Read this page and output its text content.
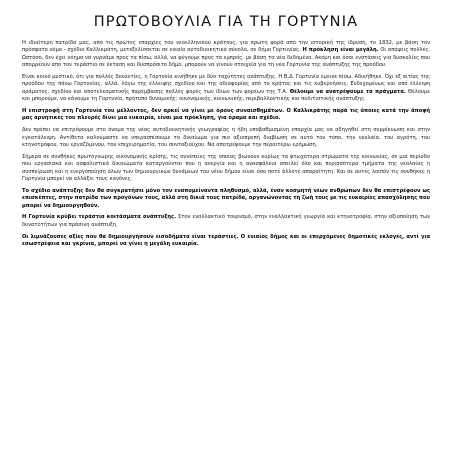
ΠΡΩΤΟΒΟΥΛΙΑ ΓΙΑ ΤΗ ΓΟΡΤΥΝΙΑ

Η ιδιαίτερη πατρίδα μας, από τις πρώτες επαρχίες του νεοελληνικού κράτους, για πρώτη φορά από την ιστορική της ίδρυση, το 1832, με βάση τον πρόσφατο νόμο - σχέδιο Καλλικράτη, μετεξελίσσεται σε ενιαίο αυτοδιοικητικό σύνολο, σε δήμο Γορτυνίας. Η πρόκληση είναι μεγάλη. Οι απόψεις πολλές. Ωστόσο, δεν έχει νόημα να γυρνάμε προς τα πίσω, αλλά, να φύγουμε προς τα εμπρός, με βάση τα νέα δεδομένα. Ακόμη και όσοι ενστάσεις για δυσκολίες που απορρέουν από τον τεράστιο σε έκταση και δυσπρόσιτο δήμο, μπορούν να γίνουν στοιχεία για τη νέα Γορτυνία της ανάπτυξης της προόδου.

Είναι κοινό μυστικό, ότι για πολλές δεκαετίες, η Γορτυνία κινήθηκε με δύο ταχύτητες ανάπτυξης. Η Β.Δ. Γορτυνία έμεινε πίσω. Αδικήθηκε. Όχι εξ αιτίας της προόδου της πάνω Γορτυνίας, αλλά, λόγω της έλλειψης σχεδίου και της αδιαφορίας από το κράτος και τις κυβερνήσεις. Ενδεχομένως και από έλλειψη οράματος, σχεδίου και αποτελεσματικής παρέμβασης πολλές φορές των ίδιων των φορέων της Τ.Α. Θέλουμε να ανατρέψουμε τα πράγματα. Θέλουμε και μπορούμε, να κάνουμε τη Γορτυνία, πρότυπο δυναμικής: οικονομικής, κοινωνικής, περιβαλλοντικής και πολιτιστικής ανάπτυξης.

Η επιστροφή στη Γορτυνία του μέλλοντος, δεν αρκεί να γίνει με όρους συναισθημάτων. Ο Καλλικράτης παρά τις όποιες κατά την άποψή μας αρνητικές του πλευρές δίνει μια ευκαιρία, είναι μια πρόκληση, για όραμα και σχέδιο.

Δεν πρέπει να επιτρέψουμε στο όνομα της νέας αυτοδιοικητικής γεωγραφίας η ήδη υποβαθμισμένη επαρχία μας να οδηγηθεί στη συρρίκνωση και στην εγκατάλειψη. Αντίθετα καλούμαστε να υπερασπίσουμε το δικαίωμα για πιο αξιοπρεπή διαβίωση σε αυτό τον τόπο, την νεολαία, του αγρότη, του κτηνοτρόφου, του εργαζόμενου, του επιχειρηματία, του συνταξιούχου. Να αποτρέψουμε την περαιτέρω ερήμωση.

Σήμερα σε συνθήκες πρωτόγνωρης οικονομικής κρίσης, τις συνέπειες της οποίας βιώνουν κυρίως τα φτωχότερα στρώματα της κοινωνίας, σε μια περίοδο που εργασιακά και ασφαλιστικά δικαιώματα καταργούνται που η ανεργία και η ανασφάλεια απειλεί όλο και περισσότερα τμήματα της νεολαίας η συσπείρωση και η ενεργοποίηση όλων των δημιουργικών δυνάμεων του νέου δήμου είναι όσο ποτέ άλλοτε απαραίτητη. Και σε αυτές λοιπόν τις συνθήκες η Γορτυνία μπορεί να αλλάξει τους κανόνες.

Το σχέδιο ανάπτυξης δεν θα συγκρατήσει μόνο τον εναπομείναντα πληθυσμό, αλλά, έναν κοσμητή νέων ανθρώπων δεν θα επιστρέφουν ως επισκέπτες, στην πατρίδα των προγόνων τους, αλλά στη δικιά τους πατρίδα, οργανώνοντας τη ζωή τους με τις ευκαιρίες απασχόλησης που μπορεί να δημιουργηθούν.

Η Γορτυνία κρύβει τεράστια κοιτάσματα ανάπτυξης. Στον εναλλακτικό τουρισμό, στην εναλλακτική γεωργία και κτηνοτροφία, στην αξιοποίηση των δυνατοτήτων για πράσινη ανάπτυξη.

Οι λιμνάζουσες αξίες που θα δημιουργήσουν εισοδήματα είναι τεράστιες. Ο ενιαίος δήμος και οι επερχόμενες δημοτικές εκλογές, αντί για εσωστρέφεια και γκρίνια, μπορεί να γίνει η μεγάλη ευκαιρία.
